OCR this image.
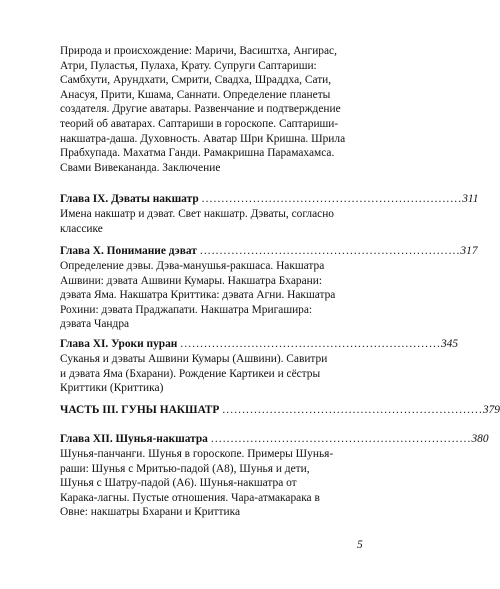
Природа и происхождение: Маричи, Васиштха, Ангирас, Атри, Пуластья, Пулаха, Крату. Супруги Саптариши: Самбхути, Арундхати, Смрити, Свадха, Шраддха, Сати, Анасуя, Прити, Кшама, Саннати. Определение планеты создателя. Другие аватары. Развенчание и подтверждение теорий об аватарах. Саптариши в гороскопе. Саптариши-накшатра-даша. Духовность. Аватар Шри Кришна. Шрила Прабхупада. Махатма Ганди. Рамакришна Парамахамса. Свами Вивекананда. Заключение
Глава IX. Дэваты накшатр .................................................................. 311
Имена накшатр и дэват. Свет накшатр. Дэваты, согласно классике
Глава X. Понимание дэват .................................................................. 317
Определение дэвы. Дэва-манушья-ракшаса. Накшатра Ашвини: дэвата Ашвини Кумары. Накшатра Бхарани: дэвата Яма. Накшатра Криттика: дэвата Агни. Накшатра Рохини: дэвата Праджапати. Накшатра Мригашира: дэвата Чандра
Глава XI. Уроки пуран .................................................................. 345
Суканья и дэваты Ашвини Кумары (Ашвини). Савитри и дэвата Яма (Бхарани). Рождение Картикеи и сёстры Криттики (Криттика)
ЧАСТЬ III. ГУНЫ НАКШАТР .................................................................. 379
Глава XII. Шунья-накшатра .................................................................. 380
Шунья-панчанги. Шунья в гороскопе. Примеры Шунья-раши: Шунья с Мритью-падой (A8), Шунья и дети, Шунья с Шатру-падой (A6). Шунья-накшатра от Карака-лагны. Пустые отношения. Чара-атмакарака в Овне: накшатры Бхарани и Криттика
5
